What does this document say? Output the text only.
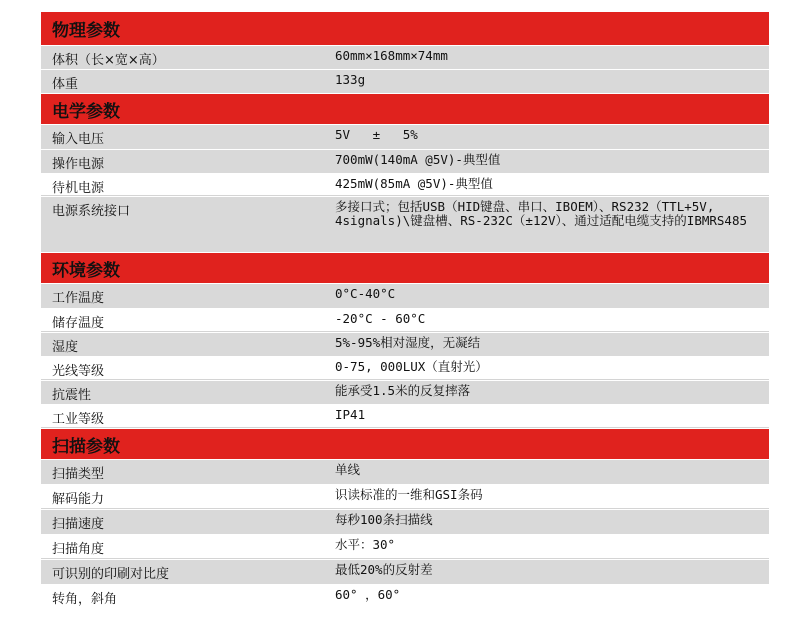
物理参数
体积（长×宽×高）	60mm×168mm×74mm
体重	133g
电学参数
输入电压	5V   ±   5%
操作电源	700mW(140mA @5V)-典型值
待机电源	425mW(85mA @5V)-典型值
电源系统接口	多接口式；包括USB（HID键盘、串口、IBOEM）、RS232（TTL+5V, 4signals)\键盘槽、RS-232C（±12V）、通过适配电缆支持的IBMRS485
环境参数
工作温度	0°C-40°C
储存温度	-20°C - 60°C
湿度	5%-95%相对湿度，无凝结
光线等级	0-75, 000LUX（直射光）
抗震性	能承受1.5米的反复摔落
工业等级	IP41
扫描参数
扫描类型	单线
解码能力	识读标准的一维和GSI条码
扫描速度	每秒100条扫描线
扫描角度	水平：30°
可识别的印刷对比度	最低20%的反射差
转角，斜角	60° ，60°
